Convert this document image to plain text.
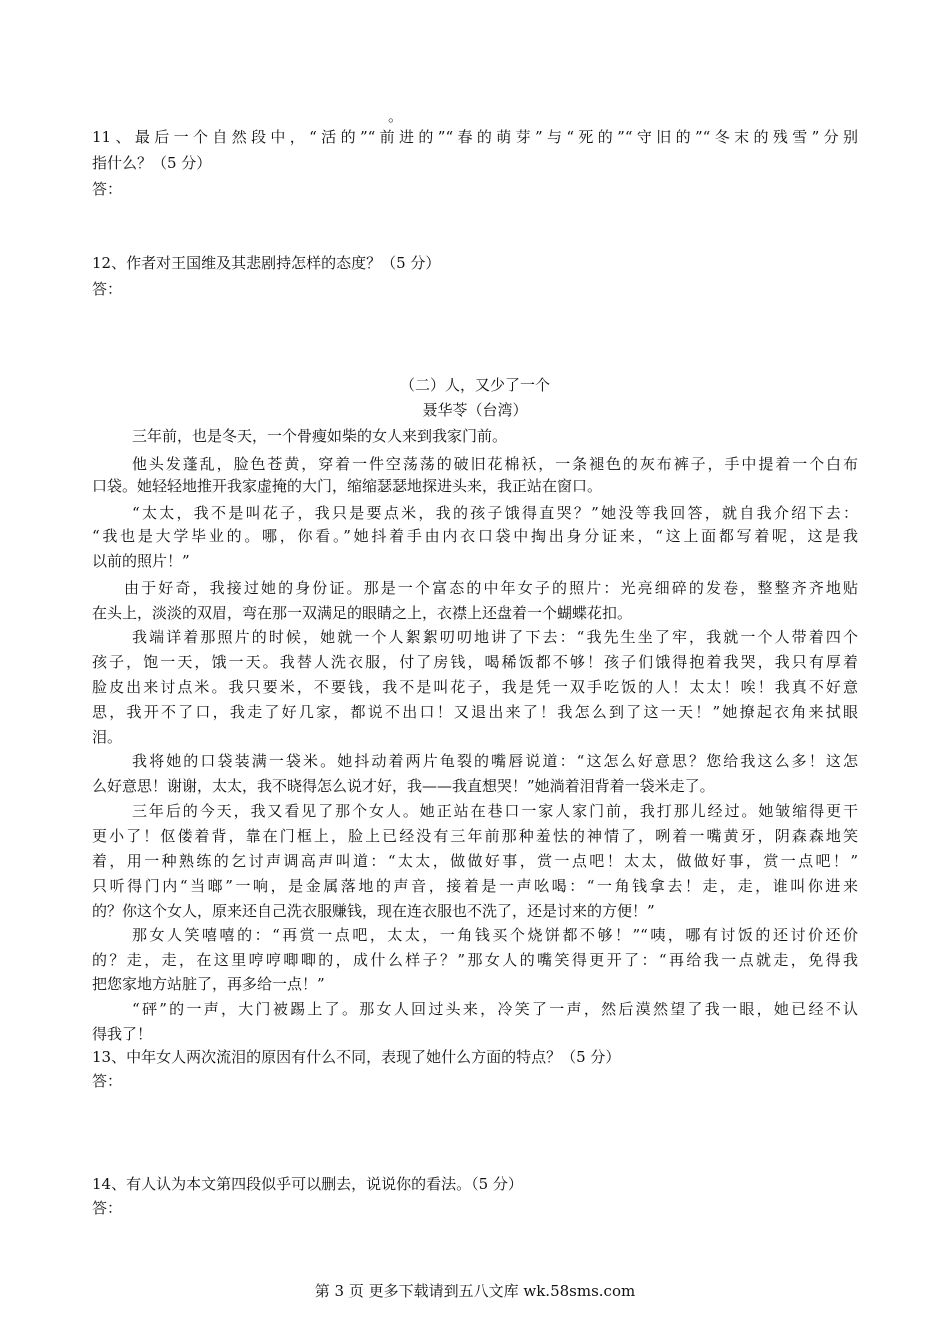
。
11、最后一个自然段中，“活的”“前进的”“春的萌芽”与“死的”“守旧的”“冬末的残雪”分别
指什么？（5 分）
答：
12、作者对王国维及其悲剧持怎样的态度？（5 分）
答：
（二）人，又少了一个
聂华苓（台湾）
三年前，也是冬天，一个骨瘦如柴的女人来到我家门前。
他头发蓬乱，脸色苍黄，穿着一件空荡荡的破旧花棉袄，一条褪色的灰布裤子，手中提着一个白布
口袋。她轻轻地推开我家虚掩的大门，缩缩瑟瑟地探进头来，我正站在窗口。
“太太，我不是叫花子，我只是要点米，我的孩子饿得直哭？”她没等我回答，就自我介绍下去：
“我也是大学毕业的。哪，你看。”她抖着手由内衣口袋中掏出身分证来，“这上面都写着呢，这是我
以前的照片！”
由于好奇，我接过她的身份证。那是一个富态的中年女子的照片：光亮细碎的发卷，整整齐齐地贴
在头上，淡淡的双眉，弯在那一双满足的眼睛之上，衣襟上还盘着一个蝴蝶花扣。
我端详着那照片的时候，她就一个人絮絮叨叨地讲了下去：“我先生坐了牢，我就一个人带着四个
孩子，饱一天，饿一天。我替人洗衣服，付了房钱，喝稀饭都不够！孩子们饿得抱着我哭，我只有厚着
脸皮出来讨点米。我只要米，不要钱，我不是叫花子，我是凭一双手吃饭的人！太太！唉！我真不好意
思，我开不了口，我走了好几家，都说不出口！又退出来了！我怎么到了这一天！”她撩起衣角来拭眼
泪。
我将她的口袋装满一袋米。她抖动着两片龟裂的嘴唇说道：“这怎么好意思？您给我这么多！这怎
么好意思！谢谢，太太，我不晓得怎么说才好，我——我直想哭！”她淌着泪背着一袋米走了。
三年后的今天，我又看见了那个女人。她正站在巷口一家人家门前，我打那儿经过。她皱缩得更干
更小了！伛偻着背，靠在门框上，脸上已经没有三年前那种羞怯的神情了，咧着一嘴黄牙，阴森森地笑
着，用一种熟练的乞讨声调高声叫道：“太太，做做好事，赏一点吧！太太，做做好事，赏一点吧！”
只听得门内“当啷”一响，是金属落地的声音，接着是一声吆喝：“一角钱拿去！走，走，谁叫你进来
的？你这个女人，原来还自己洗衣服赚钱，现在连衣服也不洗了，还是讨来的方便！”
那女人笑嘻嘻的：“再赏一点吧，太太，一角钱买个烧饼都不够！”“咦，哪有讨饭的还讨价还价
的？走，走，在这里哼哼唧唧的，成什么样子？”那女人的嘴笑得更开了：“再给我一点就走，免得我
把您家地方站脏了，再多给一点！”
“砰”的一声，大门被踢上了。那女人回过头来，冷笑了一声，然后漠然望了我一眼，她已经不认
得我了！
13、中年女人两次流泪的原因有什么不同，表现了她什么方面的特点？（5 分）
答：
14、有人认为本文第四段似乎可以删去，说说你的看法。（5 分）
答：
第 3 页 更多下载请到五八文库 wk.58sms.com
